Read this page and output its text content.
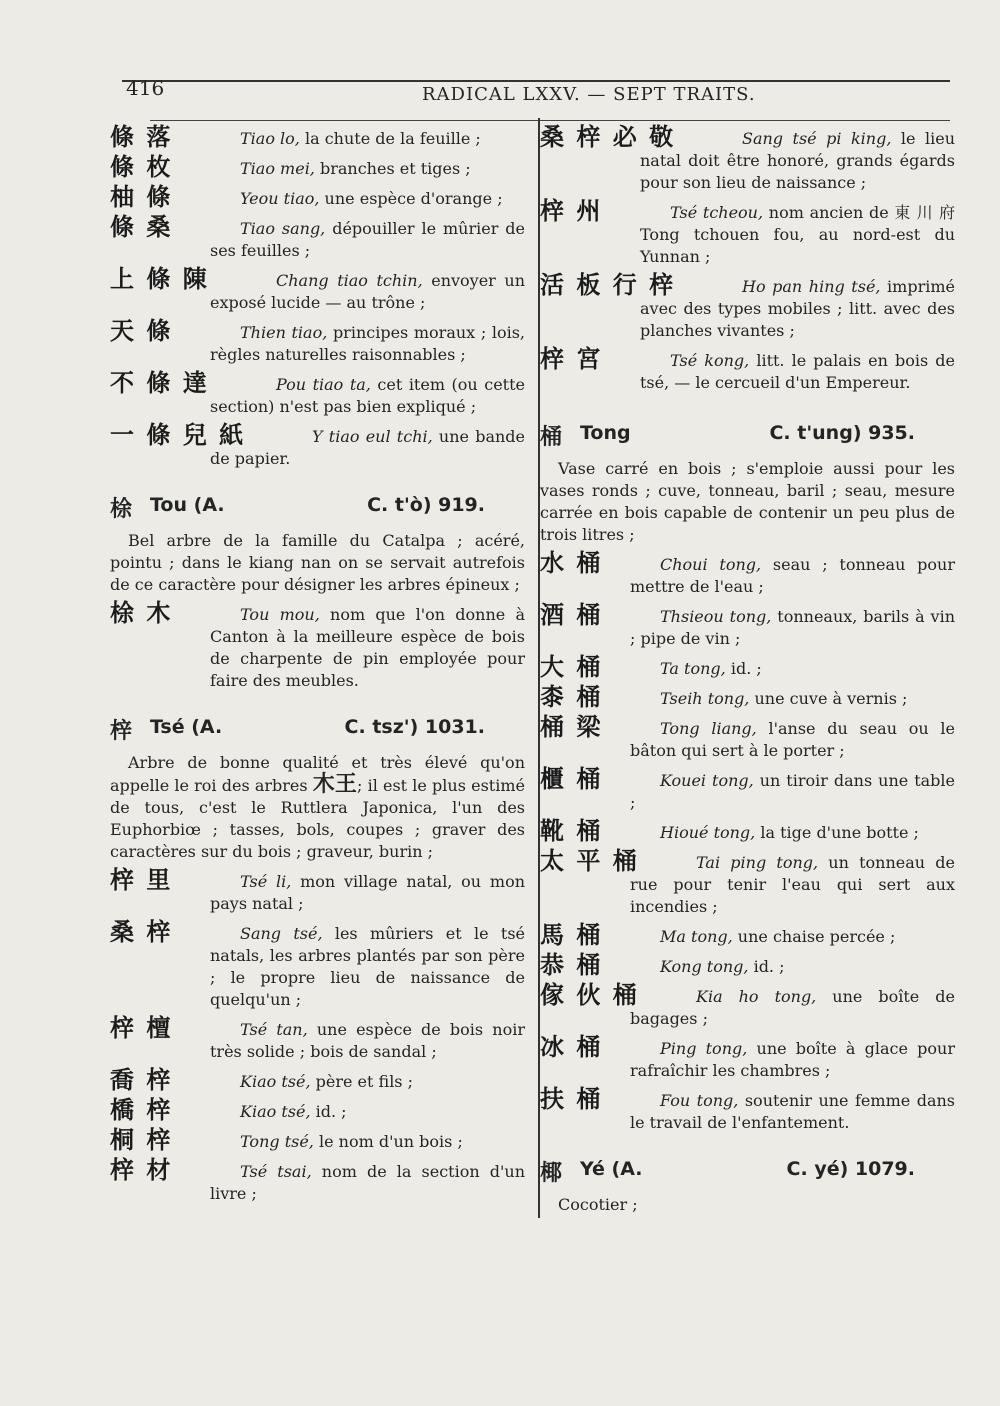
416	RADICAL LXXV. — SEPT TRAITS.
條 落	Tiao lo, la chute de la feuille ;
條 枚	Tiao mei, branches et tiges ;
柚 條	Yeou tiao, une espèce d'orange ;
條 桑	Tiao sang, dépouiller le mûrier de ses feuilles ;
上 條 陳	Chang tiao tchin, envoyer un exposé lucide — au trône ;
天 條	Thien tiao, principes moraux ; lois, règles naturelles raisonnables ;
不 條 達	Pou tiao ta, cet item (ou cette section) n'est pas bien expliqué ;
一 條 兒 紙	Y tiao eul tchi, une bande de papier.
梌 Tou (A.	C. t'ò) 919.

Bel arbre de la famille du Catalpa ; acéré, pointu ; dans le kiang nan on se servait autrefois de ce caractère pour désigner les arbres épineux ;

梌 木	Tou mou, nom que l'on donne à Canton à la meilleure espèce de bois de charpente de pin employée pour faire des meubles.
梓 Tsé (A.	C. tsz') 1031.

Arbre de bonne qualité et très élevé qu'on appelle le roi des arbres 木王; il est le plus estimé de tous, c'est le Ruttlera Japonica, l'un des Euphorbiœ ; tasses, bols, coupes ; graver des caractères sur du bois ; graveur, burin ;

梓 里	Tsé li, mon village natal, ou mon pays natal ;
桑 梓	Sang tsé, les mûriers et le tsé natals, les arbres plantés par son père ; le propre lieu de naissance de quelqu'un ;
梓 檀	Tsé tan, une espèce de bois noir très solide ; bois de sandal ;
喬 梓	Kiao tsé, père et fils ;
橋 梓	Kiao tsé, id. ;
桐 梓	Tong tsé, le nom d'un bois ;
梓 材	Tsé tsai, nom de la section d'un livre ;
桑 梓 必 敬	Sang tsé pi king, le lieu natal doit être honoré, grands égards pour son lieu de naissance ;
梓 州	Tsé tcheou, nom ancien de 東 川 府 Tong tchouen fou, au nord-est du Yunnan ;
活 板 行 梓	Ho pan hing tsé, imprimé avec des types mobiles ; litt. avec des planches vivantes ;
梓 宮	Tsé kong, litt. le palais en bois de tsé, — le cercueil d'un Empereur.
桶 Tong	C. t'ung) 935.

Vase carré en bois ; s'emploie aussi pour les vases ronds ; cuve, tonneau, baril ; seau, mesure carrée en bois capable de contenir un peu plus de trois litres ;

水 桶	Choui tong, seau ; tonneau pour mettre de l'eau ;
酒 桶	Thsieou tong, tonneaux, barils à vin ; pipe de vin ;
大 桶	Ta tong, id. ;
桼 桶	Tseih tong, une cuve à vernis ;
桶 梁	Tong liang, l'anse du seau ou le bâton qui sert à le porter ;
櫃 桶	Kouei tong, un tiroir dans une table ;
靴 桶	Hioué tong, la tige d'une botte ;
太 平 桶	Tai ping tong, un tonneau de rue pour tenir l'eau qui sert aux incendies ;
馬 桶	Ma tong, une chaise percée ;
恭 桶	Kong tong, id. ;
傢 伙 桶	Kia ho tong, une boîte de bagages ;
冰 桶	Ping tong, une boîte à glace pour rafraîchir les chambres ;
扶 桶	Fou tong, soutenir une femme dans le travail de l'enfantement.
椰 Yé (A.	C. yé) 1079.

Cocotier ;
